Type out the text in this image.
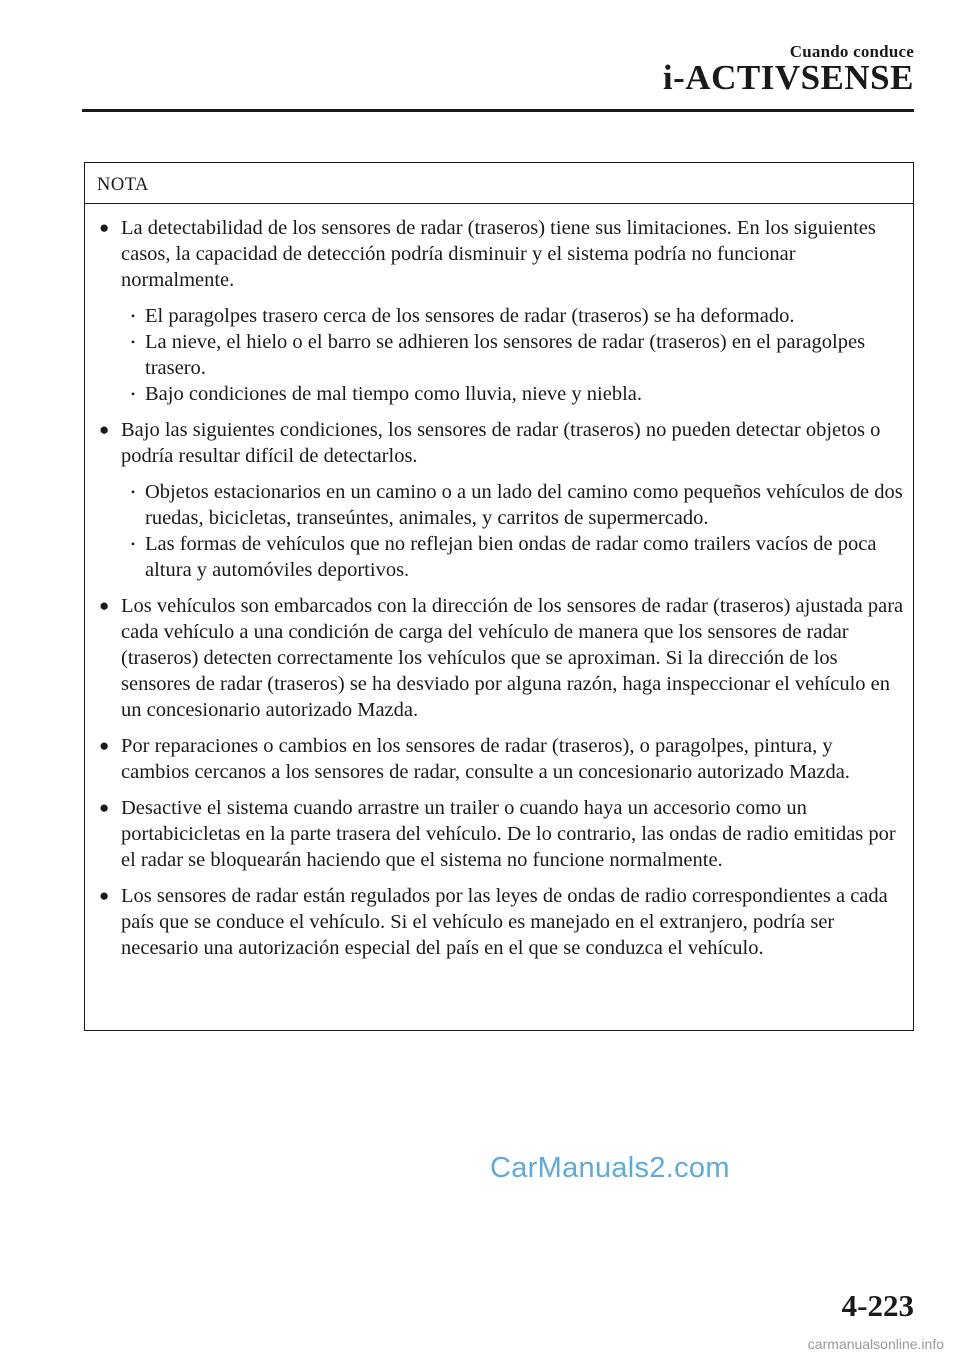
Cuando conduce
i-ACTIVSENSE
NOTA
● La detectabilidad de los sensores de radar (traseros) tiene sus limitaciones. En los siguientes casos, la capacidad de detección podría disminuir y el sistema podría no funcionar normalmente.
• El paragolpes trasero cerca de los sensores de radar (traseros) se ha deformado.
• La nieve, el hielo o el barro se adhieren los sensores de radar (traseros) en el paragolpes trasero.
• Bajo condiciones de mal tiempo como lluvia, nieve y niebla.
● Bajo las siguientes condiciones, los sensores de radar (traseros) no pueden detectar objetos o podría resultar difícil de detectarlos.
• Objetos estacionarios en un camino o a un lado del camino como pequeños vehículos de dos ruedas, bicicletas, transeúntes, animales, y carritos de supermercado.
• Las formas de vehículos que no reflejan bien ondas de radar como trailers vacíos de poca altura y automóviles deportivos.
● Los vehículos son embarcados con la dirección de los sensores de radar (traseros) ajustada para cada vehículo a una condición de carga del vehículo de manera que los sensores de radar (traseros) detecten correctamente los vehículos que se aproximan. Si la dirección de los sensores de radar (traseros) se ha desviado por alguna razón, haga inspeccionar el vehículo en un concesionario autorizado Mazda.
● Por reparaciones o cambios en los sensores de radar (traseros), o paragolpes, pintura, y cambios cercanos a los sensores de radar, consulte a un concesionario autorizado Mazda.
● Desactive el sistema cuando arrastre un trailer o cuando haya un accesorio como un portabicicletas en la parte trasera del vehículo. De lo contrario, las ondas de radio emitidas por el radar se bloquearán haciendo que el sistema no funcione normalmente.
● Los sensores de radar están regulados por las leyes de ondas de radio correspondientes a cada país que se conduce el vehículo. Si el vehículo es manejado en el extranjero, podría ser necesario una autorización especial del país en el que se conduzca el vehículo.
CarManuals2.com
4-223
carmanualsonline.info
